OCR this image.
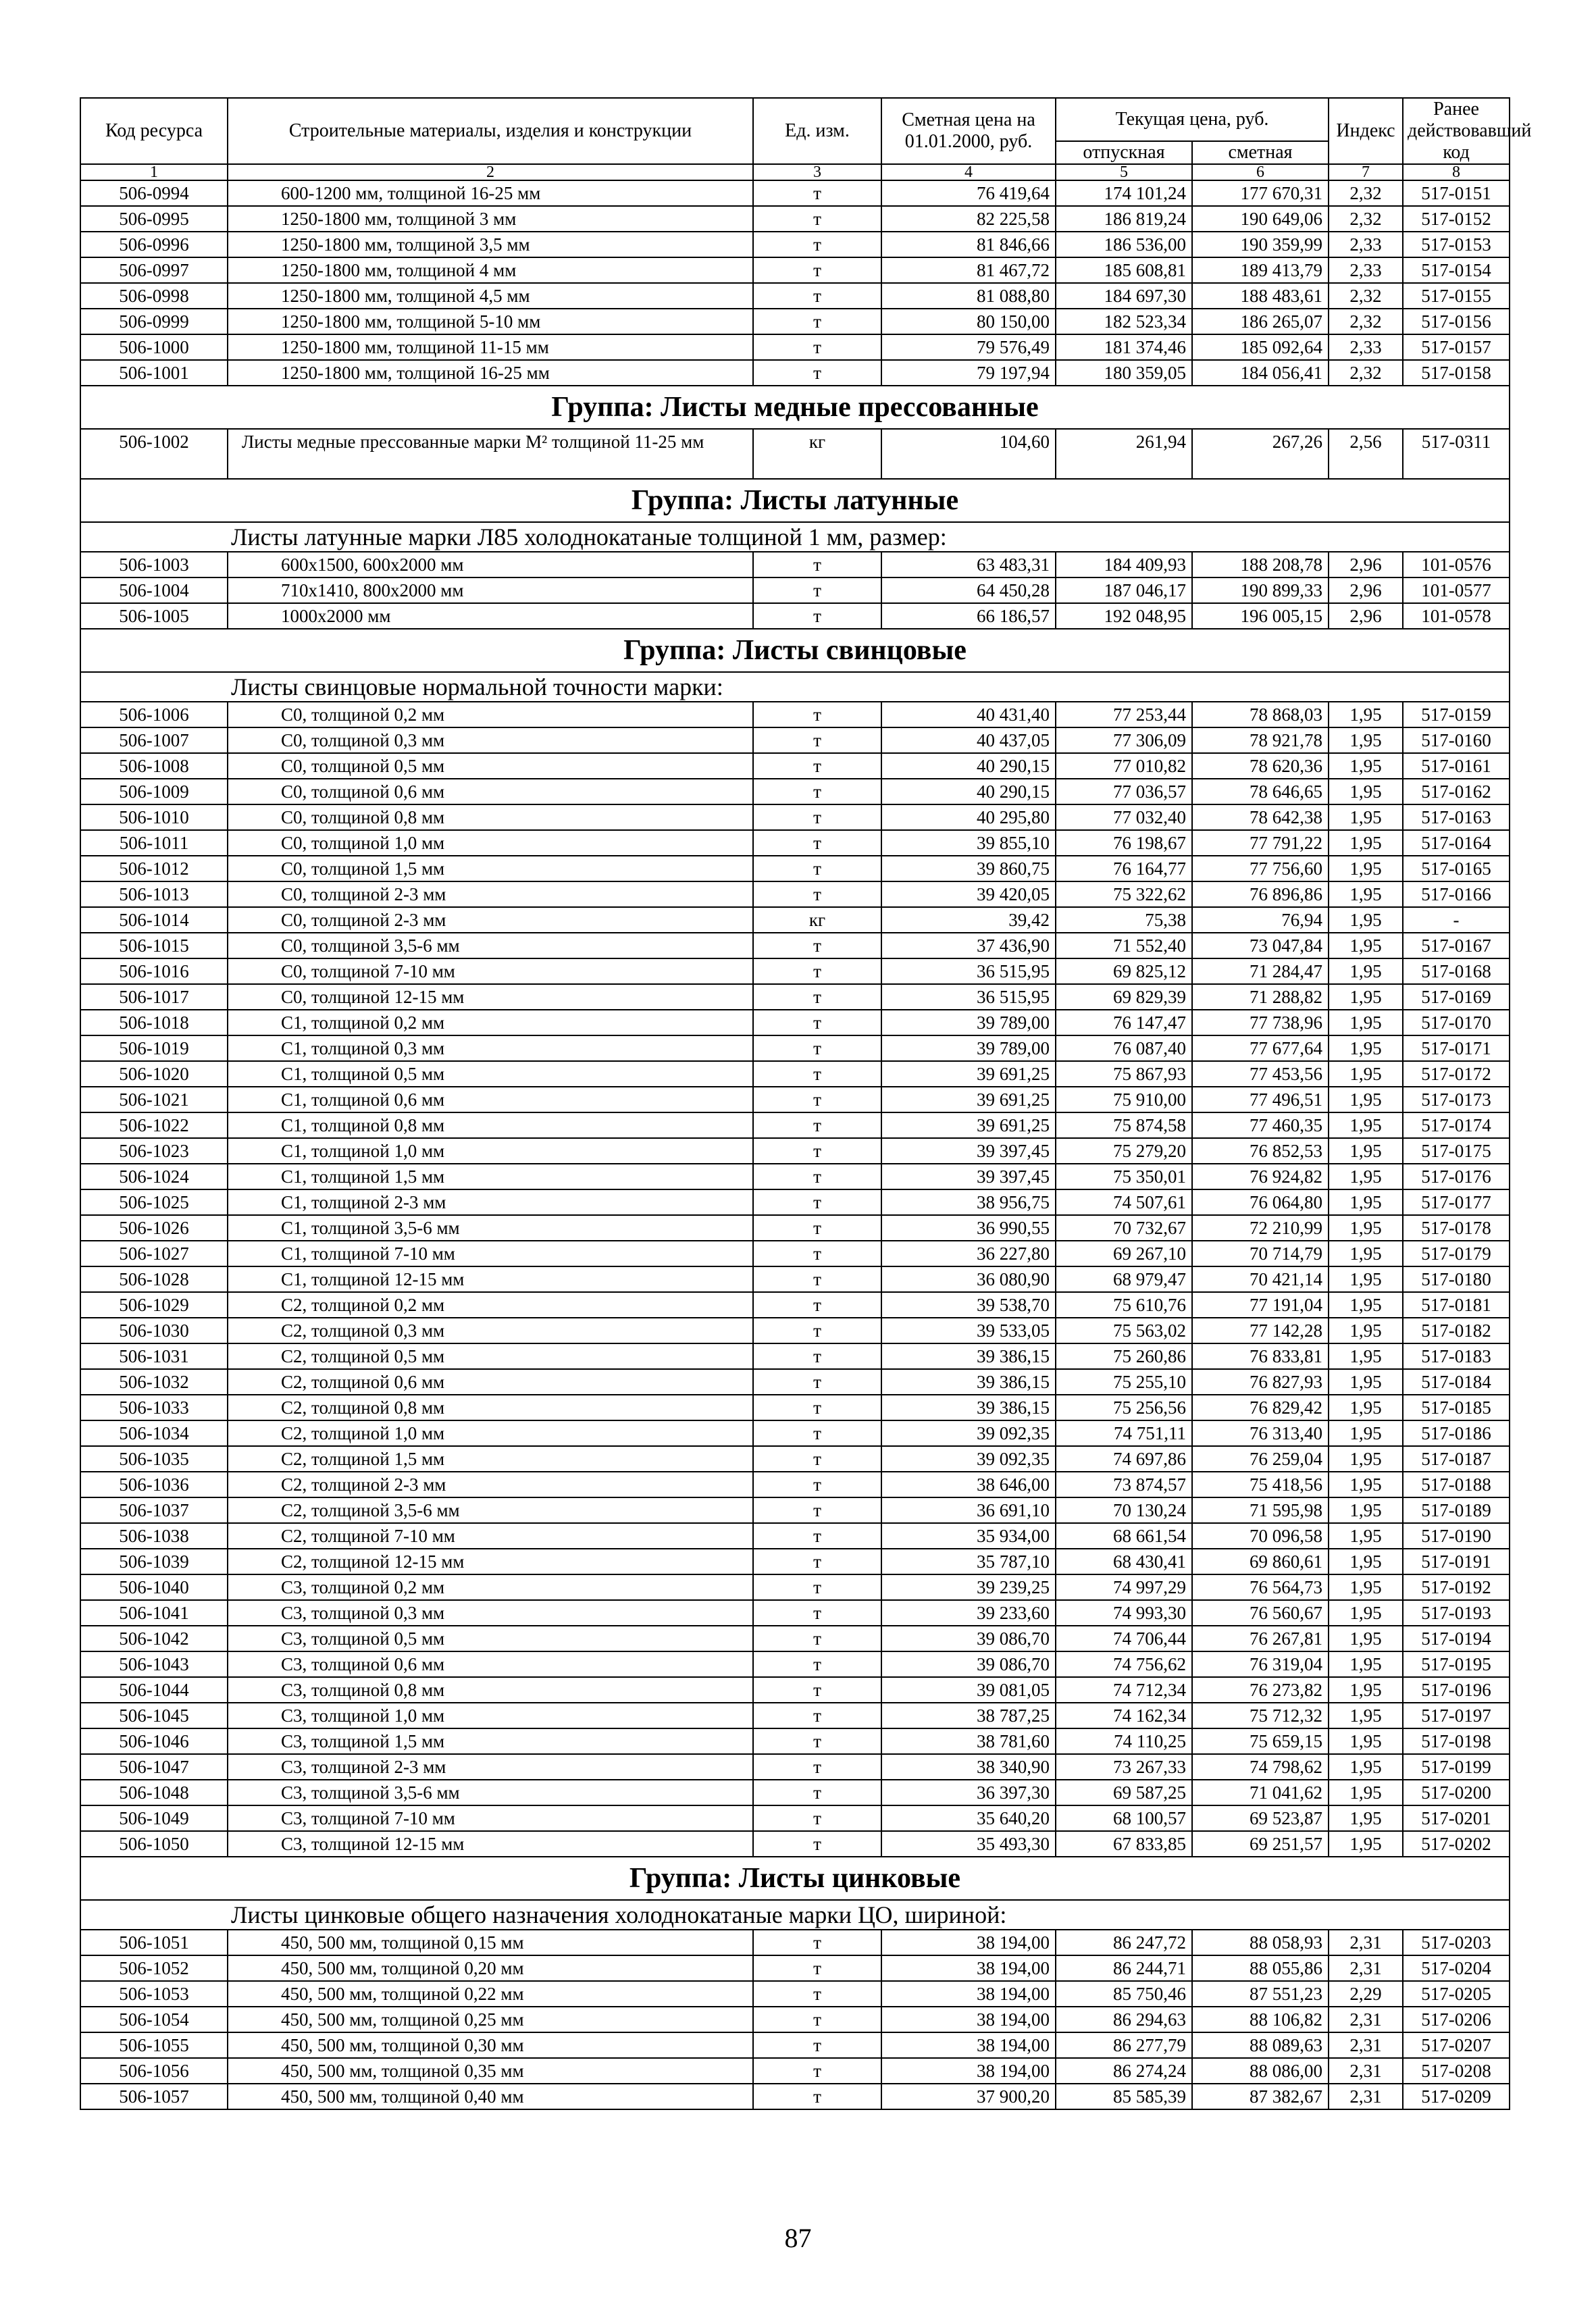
Код ресурса	Строительные материалы, изделия и конструкции	Ед. изм.	Сметная цена на 01.01.2000, руб.	Текущая цена, руб.		Индекс	Ранее действовавший код
				отпускная	сметная		
1	2	3	4	5	6	7	8
506-0994	600-1200 мм, толщиной 16-25 мм	т	76 419,64	174 101,24	177 670,31	2,32	517-0151
506-0995	1250-1800 мм, толщиной 3 мм	т	82 225,58	186 819,24	190 649,06	2,32	517-0152
506-0996	1250-1800 мм, толщиной 3,5 мм	т	81 846,66	186 536,00	190 359,99	2,33	517-0153
506-0997	1250-1800 мм, толщиной 4 мм	т	81 467,72	185 608,81	189 413,79	2,33	517-0154
506-0998	1250-1800 мм, толщиной 4,5 мм	т	81 088,80	184 697,30	188 483,61	2,32	517-0155
506-0999	1250-1800 мм, толщиной 5-10 мм	т	80 150,00	182 523,34	186 265,07	2,32	517-0156
506-1000	1250-1800 мм, толщиной 11-15 мм	т	79 576,49	181 374,46	185 092,64	2,33	517-0157
506-1001	1250-1800 мм, толщиной 16-25 мм	т	79 197,94	180 359,05	184 056,41	2,32	517-0158
Группа: Листы медные прессованные							
506-1002	Листы медные прессованные марки М² толщиной 11-25 мм	кг	104,60	261,94	267,26	2,56	517-0311
Группа: Листы латунные							
Листы латунные марки Л85 холоднокатаные толщиной 1 мм, размер:							
506-1003	600x1500, 600x2000 мм	т	63 483,31	184 409,93	188 208,78	2,96	101-0576
506-1004	710x1410, 800x2000 мм	т	64 450,28	187 046,17	190 899,33	2,96	101-0577
506-1005	1000x2000 мм	т	66 186,57	192 048,95	196 005,15	2,96	101-0578
Группа: Листы свинцовые							
Листы свинцовые нормальной точности марки:							
506-1006	С0, толщиной 0,2 мм	т	40 431,40	77 253,44	78 868,03	1,95	517-0159
506-1007	С0, толщиной 0,3 мм	т	40 437,05	77 306,09	78 921,78	1,95	517-0160
506-1008	С0, толщиной 0,5 мм	т	40 290,15	77 010,82	78 620,36	1,95	517-0161
506-1009	С0, толщиной 0,6 мм	т	40 290,15	77 036,57	78 646,65	1,95	517-0162
506-1010	С0, толщиной 0,8 мм	т	40 295,80	77 032,40	78 642,38	1,95	517-0163
506-1011	С0, толщиной 1,0 мм	т	39 855,10	76 198,67	77 791,22	1,95	517-0164
506-1012	С0, толщиной 1,5 мм	т	39 860,75	76 164,77	77 756,60	1,95	517-0165
506-1013	С0, толщиной 2-3 мм	т	39 420,05	75 322,62	76 896,86	1,95	517-0166
506-1014	С0, толщиной 2-3 мм	кг	39,42	75,38	76,94	1,95	-
506-1015	С0, толщиной 3,5-6 мм	т	37 436,90	71 552,40	73 047,84	1,95	517-0167
506-1016	С0, толщиной 7-10 мм	т	36 515,95	69 825,12	71 284,47	1,95	517-0168
506-1017	С0, толщиной 12-15 мм	т	36 515,95	69 829,39	71 288,82	1,95	517-0169
506-1018	С1, толщиной 0,2 мм	т	39 789,00	76 147,47	77 738,96	1,95	517-0170
506-1019	С1, толщиной 0,3 мм	т	39 789,00	76 087,40	77 677,64	1,95	517-0171
506-1020	С1, толщиной 0,5 мм	т	39 691,25	75 867,93	77 453,56	1,95	517-0172
506-1021	С1, толщиной 0,6 мм	т	39 691,25	75 910,00	77 496,51	1,95	517-0173
506-1022	С1, толщиной 0,8 мм	т	39 691,25	75 874,58	77 460,35	1,95	517-0174
506-1023	С1, толщиной 1,0 мм	т	39 397,45	75 279,20	76 852,53	1,95	517-0175
506-1024	С1, толщиной 1,5 мм	т	39 397,45	75 350,01	76 924,82	1,95	517-0176
506-1025	С1, толщиной 2-3 мм	т	38 956,75	74 507,61	76 064,80	1,95	517-0177
506-1026	С1, толщиной 3,5-6 мм	т	36 990,55	70 732,67	72 210,99	1,95	517-0178
506-1027	С1, толщиной 7-10 мм	т	36 227,80	69 267,10	70 714,79	1,95	517-0179
506-1028	С1, толщиной 12-15 мм	т	36 080,90	68 979,47	70 421,14	1,95	517-0180
506-1029	С2, толщиной 0,2 мм	т	39 538,70	75 610,76	77 191,04	1,95	517-0181
506-1030	С2, толщиной 0,3 мм	т	39 533,05	75 563,02	77 142,28	1,95	517-0182
506-1031	С2, толщиной 0,5 мм	т	39 386,15	75 260,86	76 833,81	1,95	517-0183
506-1032	С2, толщиной 0,6 мм	т	39 386,15	75 255,10	76 827,93	1,95	517-0184
506-1033	С2, толщиной 0,8 мм	т	39 386,15	75 256,56	76 829,42	1,95	517-0185
506-1034	С2, толщиной 1,0 мм	т	39 092,35	74 751,11	76 313,40	1,95	517-0186
506-1035	С2, толщиной 1,5 мм	т	39 092,35	74 697,86	76 259,04	1,95	517-0187
506-1036	С2, толщиной 2-3 мм	т	38 646,00	73 874,57	75 418,56	1,95	517-0188
506-1037	С2, толщиной 3,5-6 мм	т	36 691,10	70 130,24	71 595,98	1,95	517-0189
506-1038	С2, толщиной 7-10 мм	т	35 934,00	68 661,54	70 096,58	1,95	517-0190
506-1039	С2, толщиной 12-15 мм	т	35 787,10	68 430,41	69 860,61	1,95	517-0191
506-1040	С3, толщиной 0,2 мм	т	39 239,25	74 997,29	76 564,73	1,95	517-0192
506-1041	С3, толщиной 0,3 мм	т	39 233,60	74 993,30	76 560,67	1,95	517-0193
506-1042	С3, толщиной 0,5 мм	т	39 086,70	74 706,44	76 267,81	1,95	517-0194
506-1043	С3, толщиной 0,6 мм	т	39 086,70	74 756,62	76 319,04	1,95	517-0195
506-1044	С3, толщиной 0,8 мм	т	39 081,05	74 712,34	76 273,82	1,95	517-0196
506-1045	С3, толщиной 1,0 мм	т	38 787,25	74 162,34	75 712,32	1,95	517-0197
506-1046	С3, толщиной 1,5 мм	т	38 781,60	74 110,25	75 659,15	1,95	517-0198
506-1047	С3, толщиной 2-3 мм	т	38 340,90	73 267,33	74 798,62	1,95	517-0199
506-1048	С3, толщиной 3,5-6 мм	т	36 397,30	69 587,25	71 041,62	1,95	517-0200
506-1049	С3, толщиной 7-10 мм	т	35 640,20	68 100,57	69 523,87	1,95	517-0201
506-1050	С3, толщиной 12-15 мм	т	35 493,30	67 833,85	69 251,57	1,95	517-0202
Группа: Листы цинковые							
Листы цинковые общего назначения холоднокатаные марки ЦО, шириной:							
506-1051	450, 500 мм, толщиной 0,15 мм	т	38 194,00	86 247,72	88 058,93	2,31	517-0203
506-1052	450, 500 мм, толщиной 0,20 мм	т	38 194,00	86 244,71	88 055,86	2,31	517-0204
506-1053	450, 500 мм, толщиной 0,22 мм	т	38 194,00	85 750,46	87 551,23	2,29	517-0205
506-1054	450, 500 мм, толщиной 0,25 мм	т	38 194,00	86 294,63	88 106,82	2,31	517-0206
506-1055	450, 500 мм, толщиной 0,30 мм	т	38 194,00	86 277,79	88 089,63	2,31	517-0207
506-1056	450, 500 мм, толщиной 0,35 мм	т	38 194,00	86 274,24	88 086,00	2,31	517-0208
506-1057	450, 500 мм, толщиной 0,40 мм	т	37 900,20	85 585,39	87 382,67	2,31	517-0209
87
